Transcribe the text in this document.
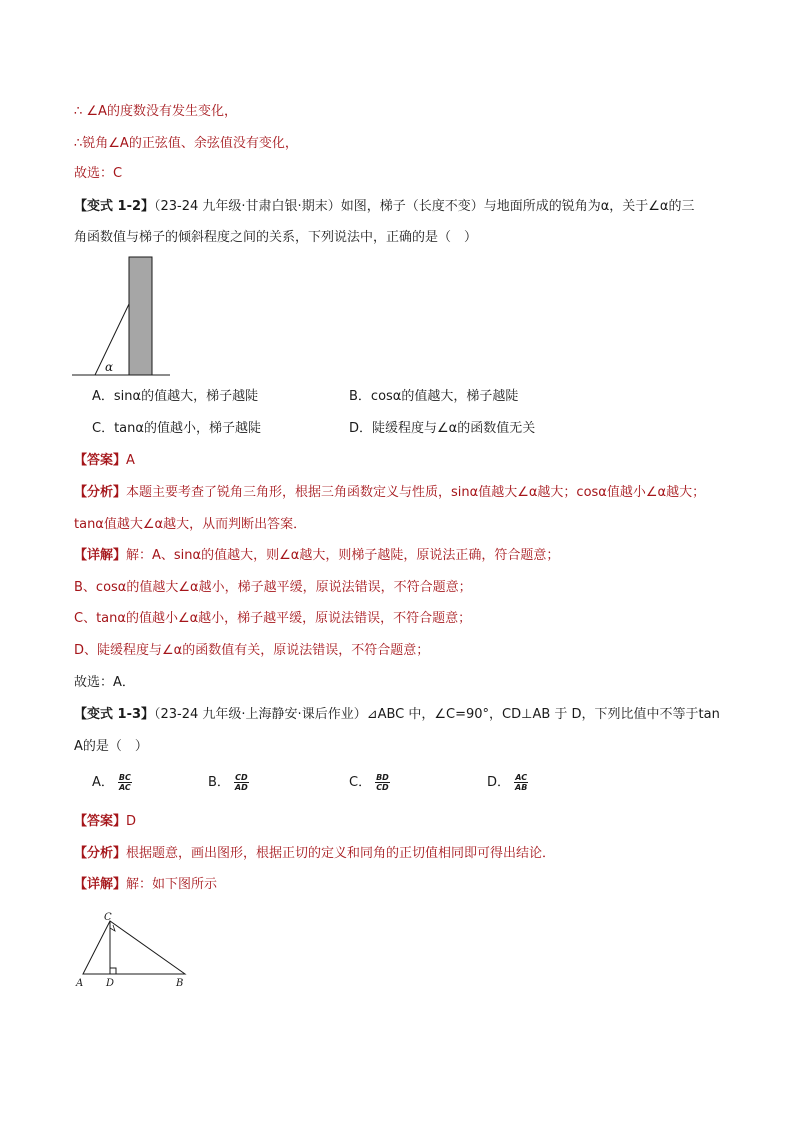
∴ ∠A的度数没有发生变化，
∴锐角∠A的正弦值、余弦值没有变化，
故选：C
【变式 1-2】（23-24 九年级·甘肃白银·期末）如图，梯子（长度不变）与地面所成的锐角为α，关于∠α的三
角函数值与梯子的倾斜程度之间的关系，下列说法中，正确的是（　）
α
A．sinα的值越大，梯子越陡	B．cosα的值越大，梯子越陡
C．tanα的值越小，梯子越陡	D．陡缓程度与∠α的函数值无关
【答案】A
【分析】本题主要考查了锐角三角形，根据三角函数定义与性质，sinα值越大∠α越大；cosα值越小∠α越大；
tanα值越大∠α越大，从而判断出答案．
【详解】解：A、sinα的值越大，则∠α越大，则梯子越陡，原说法正确，符合题意；
B、cosα的值越大∠α越小，梯子越平缓，原说法错误，不符合题意；
C、tanα的值越小∠α越小，梯子越平缓，原说法错误，不符合题意；
D、陡缓程度与∠α的函数值有关，原说法错误，不符合题意；
故选：A．
【变式 1-3】（23-24 九年级·上海静安·课后作业）⊿ABC 中，∠C=90°，CD⊥AB 于 D，下列比值中不等于tan
A的是（　）
A． $\frac{BC}{AC}$	B． $\frac{CD}{AD}$	C． $\frac{BD}{CD}$	D． $\frac{AC}{AB}$
【答案】D
【分析】根据题意，画出图形，根据正切的定义和同角的正切值相同即可得出结论．
【详解】解：如下图所示
C
A D	B
